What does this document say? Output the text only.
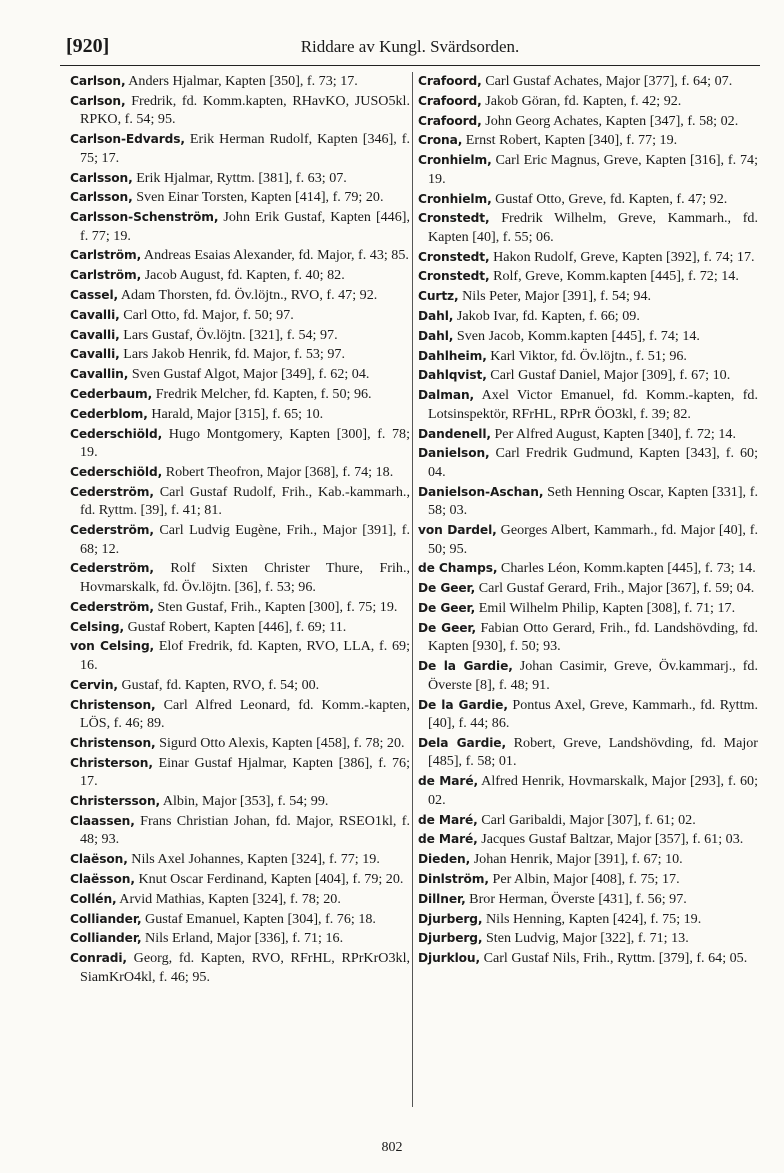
[920]	Riddare av Kungl. Svärdsorden.

Carlson, Anders Hjalmar, Kapten [350], f. 73; 17.

Carlson, Fredrik, fd. Komm.kapten, RHavKO, JUSO5kl. RPKO, f. 54; 95.

Carlson-Edvards, Erik Herman Rudolf, Kapten [346], f. 75; 17.

Carlsson, Erik Hjalmar, Ryttm. [381], f. 63; 07.

Carlsson, Sven Einar Torsten, Kapten [414], f. 79; 20.

Carlsson-Schenström, John Erik Gustaf, Kapten [446], f. 77; 19.

Carlström, Andreas Esaias Alexander, fd. Major, f. 43; 85.

Carlström, Jacob August, fd. Kapten, f. 40; 82.

Cassel, Adam Thorsten, fd. Öv.löjtn., RVO, f. 47; 92.

Cavalli, Carl Otto, fd. Major, f. 50; 97.

Cavalli, Lars Gustaf, Öv.löjtn. [321], f. 54; 97.

Cavalli, Lars Jakob Henrik, fd. Major, f. 53; 97.

Cavallin, Sven Gustaf Algot, Major [349], f. 62; 04.

Cederbaum, Fredrik Melcher, fd. Kapten, f. 50; 96.

Cederblom, Harald, Major [315], f. 65; 10.

Cederschiöld, Hugo Montgomery, Kapten [300], f. 78; 19.

Cederschiöld, Robert Theofron, Major [368], f. 74; 18.

Cederström, Carl Gustaf Rudolf, Frih., Kab.-kammarh., fd. Ryttm. [39], f. 41; 81.

Cederström, Carl Ludvig Eugène, Frih., Major [391], f. 68; 12.

Cederström, Rolf Sixten Christer Thure, Frih., Hovmarskalk, fd. Öv.löjtn. [36], f. 53; 96.

Cederström, Sten Gustaf, Frih., Kapten [300], f. 75; 19.

Celsing, Gustaf Robert, Kapten [446], f. 69; 11.

von Celsing, Elof Fredrik, fd. Kapten, RVO, LLA, f. 69; 16.

Cervin, Gustaf, fd. Kapten, RVO, f. 54; 00.

Christenson, Carl Alfred Leonard, fd. Komm.-kapten, LÖS, f. 46; 89.

Christenson, Sigurd Otto Alexis, Kapten [458], f. 78; 20.

Christerson, Einar Gustaf Hjalmar, Kapten [386], f. 76; 17.

Christersson, Albin, Major [353], f. 54; 99.

Claassen, Frans Christian Johan, fd. Major, RSEO1kl, f. 48; 93.

Claëson, Nils Axel Johannes, Kapten [324], f. 77; 19.

Claësson, Knut Oscar Ferdinand, Kapten [404], f. 79; 20.

Collén, Arvid Mathias, Kapten [324], f. 78; 20.

Colliander, Gustaf Emanuel, Kapten [304], f. 76; 18.

Colliander, Nils Erland, Major [336], f. 71; 16.

Conradi, Georg, fd. Kapten, RVO, RFrHL, RPrKrO3kl, SiamKrO4kl, f. 46; 95.

Crafoord, Carl Gustaf Achates, Major [377], f. 64; 07.

Crafoord, Jakob Göran, fd. Kapten, f. 42; 92.

Crafoord, John Georg Achates, Kapten [347], f. 58; 02.

Crona, Ernst Robert, Kapten [340], f. 77; 19.

Cronhielm, Carl Eric Magnus, Greve, Kapten [316], f. 74; 19.

Cronhielm, Gustaf Otto, Greve, fd. Kapten, f. 47; 92.

Cronstedt, Fredrik Wilhelm, Greve, Kammarh., fd. Kapten [40], f. 55; 06.

Cronstedt, Hakon Rudolf, Greve, Kapten [392], f. 74; 17.

Cronstedt, Rolf, Greve, Komm.kapten [445], f. 72; 14.

Curtz, Nils Peter, Major [391], f. 54; 94.

Dahl, Jakob Ivar, fd. Kapten, f. 66; 09.

Dahl, Sven Jacob, Komm.kapten [445], f. 74; 14.

Dahlheim, Karl Viktor, fd. Öv.löjtn., f. 51; 96.

Dahlqvist, Carl Gustaf Daniel, Major [309], f. 67; 10.

Dalman, Axel Victor Emanuel, fd. Komm.-kapten, fd. Lotsinspektör, RFrHL, RPrR ÖO3kl, f. 39; 82.

Dandenell, Per Alfred August, Kapten [340], f. 72; 14.

Danielson, Carl Fredrik Gudmund, Kapten [343], f. 60; 04.

Danielson-Aschan, Seth Henning Oscar, Kapten [331], f. 58; 03.

von Dardel, Georges Albert, Kammarh., fd. Major [40], f. 50; 95.

de Champs, Charles Léon, Komm.kapten [445], f. 73; 14.

De Geer, Carl Gustaf Gerard, Frih., Major [367], f. 59; 04.

De Geer, Emil Wilhelm Philip, Kapten [308], f. 71; 17.

De Geer, Fabian Otto Gerard, Frih., fd. Landshövding, fd. Kapten [930], f. 50; 93.

De la Gardie, Johan Casimir, Greve, Öv.kammarj., fd. Överste [8], f. 48; 91.

De la Gardie, Pontus Axel, Greve, Kammarh., fd. Ryttm. [40], f. 44; 86.

Dela Gardie, Robert, Greve, Landshövding, fd. Major [485], f. 58; 01.

de Maré, Alfred Henrik, Hovmarskalk, Major [293], f. 60; 02.

de Maré, Carl Garibaldi, Major [307], f. 61; 02.

de Maré, Jacques Gustaf Baltzar, Major [357], f. 61; 03.

Dieden, Johan Henrik, Major [391], f. 67; 10.

Dinlström, Per Albin, Major [408], f. 75; 17.

Dillner, Bror Herman, Överste [431], f. 56; 97.

Djurberg, Nils Henning, Kapten [424], f. 75; 19.

Djurberg, Sten Ludvig, Major [322], f. 71; 13.

Djurklou, Carl Gustaf Nils, Frih., Ryttm. [379], f. 64; 05.

802
